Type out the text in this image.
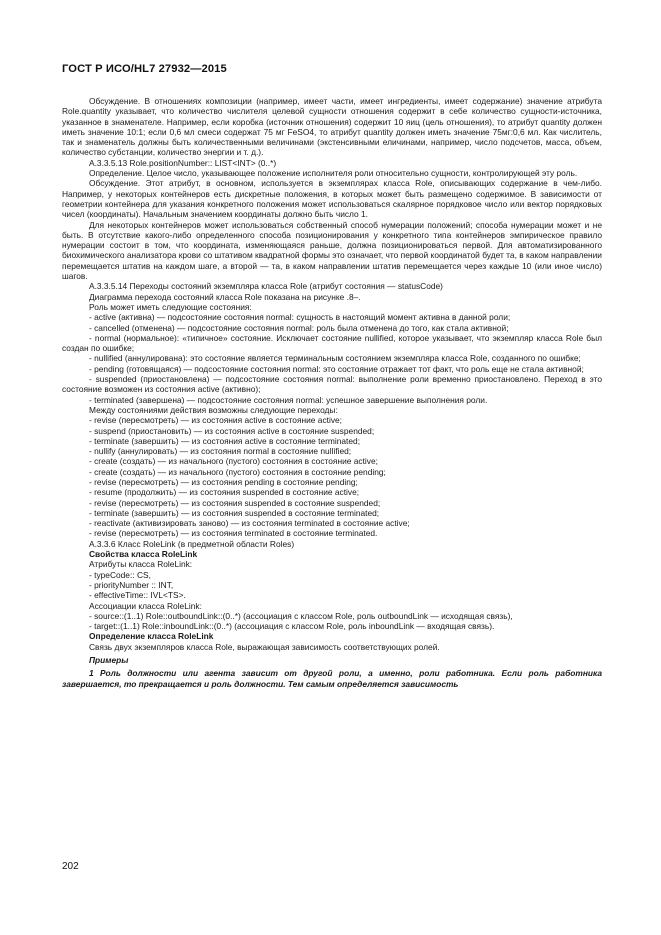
ГОСТ Р ИСО/HL7 27932—2015

Обсуждение. В отношениях композиции (например, имеет части, имеет ингредиенты, имеет содержание) значение атрибута Role.quantity указывает, что количество числителя целевой сущности отношения содержит в себе количество сущности-источника, указанное в знаменателе. Например, если коробка (источник отношения) содержит 10 яиц (цель отношения), то атрибут quantity должен иметь значение 10:1; если 0,6 мл смеси содержат 75 мг FeSO4, то атрибут quantity должен иметь значение 75мг:0,6 мл. Как числитель, так и знаменатель должны быть количественными величинами (экстенсивными еличинами, например, число подсчетов, масса, объем, количество субстанции, количество энергии и т. д.).

A.3.3.5.13 Role.positionNumber:: LIST<INT> (0..*)

Определение. Целое число, указывающее положение исполнителя роли относительно сущности, контролирующей эту роль.

Обсуждение. Этот атрибут, в основном, используется в экземплярах класса Role, описывающих содержание в чем-либо. Например, у некоторых контейнеров есть дискретные положения, в которых может быть размещено содержимое. В зависимости от геометрии контейнера для указания конкретного положения может использоваться скалярное порядковое число или вектор порядковых чисел (координаты). Начальным значением координаты должно быть число 1.

Для некоторых контейнеров может использоваться собственный способ нумерации положений; способа нумерации может и не быть. В отсутствие какого-либо определенного способа позиционирования у конкретного типа контейнеров эмпирическое правило нумерации состоит в том, что координата, изменяющаяся раньше, должна позиционироваться первой. Для автоматизированного биохимического анализатора крови со штативом квадратной формы это означает, что первой координатой будет та, в каком направлении перемещается штатив на каждом шаге, а второй — та, в каком направлении штатив перемещается через каждые 10 (или иное число) шагов.

A.3.3.5.14 Переходы состояний экземпляра класса Role (атрибут состояния — statusCode)

Диаграмма перехода состояний класса Role показана на рисунке .8–.

Роль может иметь следующие состояния:

- active (активна) — подсостояние состояния normal: сущность в настоящий момент активна в данной роли;

- cancelled (отменена) — подсостояние состояния normal: роль была отменена до того, как стала активной;

- normal (нормальное): «типичное» состояние. Исключает состояние nullified, которое указывает, что экземпляр класса Role был создан по ошибке;

- nullified (аннулирована): это состояние является терминальным состоянием экземпляра класса Role, созданного по ошибке;

- pending (готовящаяся) — подсостояние состояния normal: это состояние отражает тот факт, что роль еще не стала активной;

- suspended (приостановлена) — подсостояние состояния normal: выполнение роли временно приостановлено. Переход в это состояние возможен из состояния active (активно);

- terminated (завершена) — подсостояние состояния normal: успешное завершение выполнения роли.

Между состояниями действия возможны следующие переходы:

- revise (пересмотреть) — из состояния active в состояние active;

- suspend (приостановить) — из состояния active в состояние suspended;

- terminate (завершить) — из состояния active в состояние terminated;

- nullify (аннулировать) — из состояния normal в состояние nullified;

- create (создать) — из начального (пустого) состояния в состояние active;

- create (создать) — из начального (пустого) состояния в состояние pending;

- revise (пересмотреть) — из состояния pending в состояние pending;

- resume (продолжить) — из состояния suspended в состояние active;

- revise (пересмотреть) — из состояния suspended в состояние suspended;

- terminate (завершить) — из состояния suspended в состояние terminated;

- reactivate (активизировать заново) — из состояния terminated в состояние active;

- revise (пересмотреть) — из состояния terminated в состояние terminated.

A.3.3.6 Класс RoleLink (в предметной области Roles)

Свойства класса RoleLink

Атрибуты класса RoleLink:

- typeCode:: CS,

- priorityNumber :: INT,

- effectiveTime:: IVL<TS>.

Ассоциации класса RoleLink:

- source::(1..1) Role::outboundLink::(0..*) (ассоциация с классом Role, роль outboundLink — исходящая связь),

- target::(1..1) Role::inboundLink::(0..*) (ассоциация с классом Role, роль inboundLink — входящая связь).

Определение класса RoleLink

Связь двух экземпляров класса Role, выражающая зависимость соответствующих ролей.

Примеры

1 Роль должности или агента зависит от другой роли, а именно, роли работника. Если роль работника завершается, то прекращается и роль должности. Тем самым определяется зависимость

202
